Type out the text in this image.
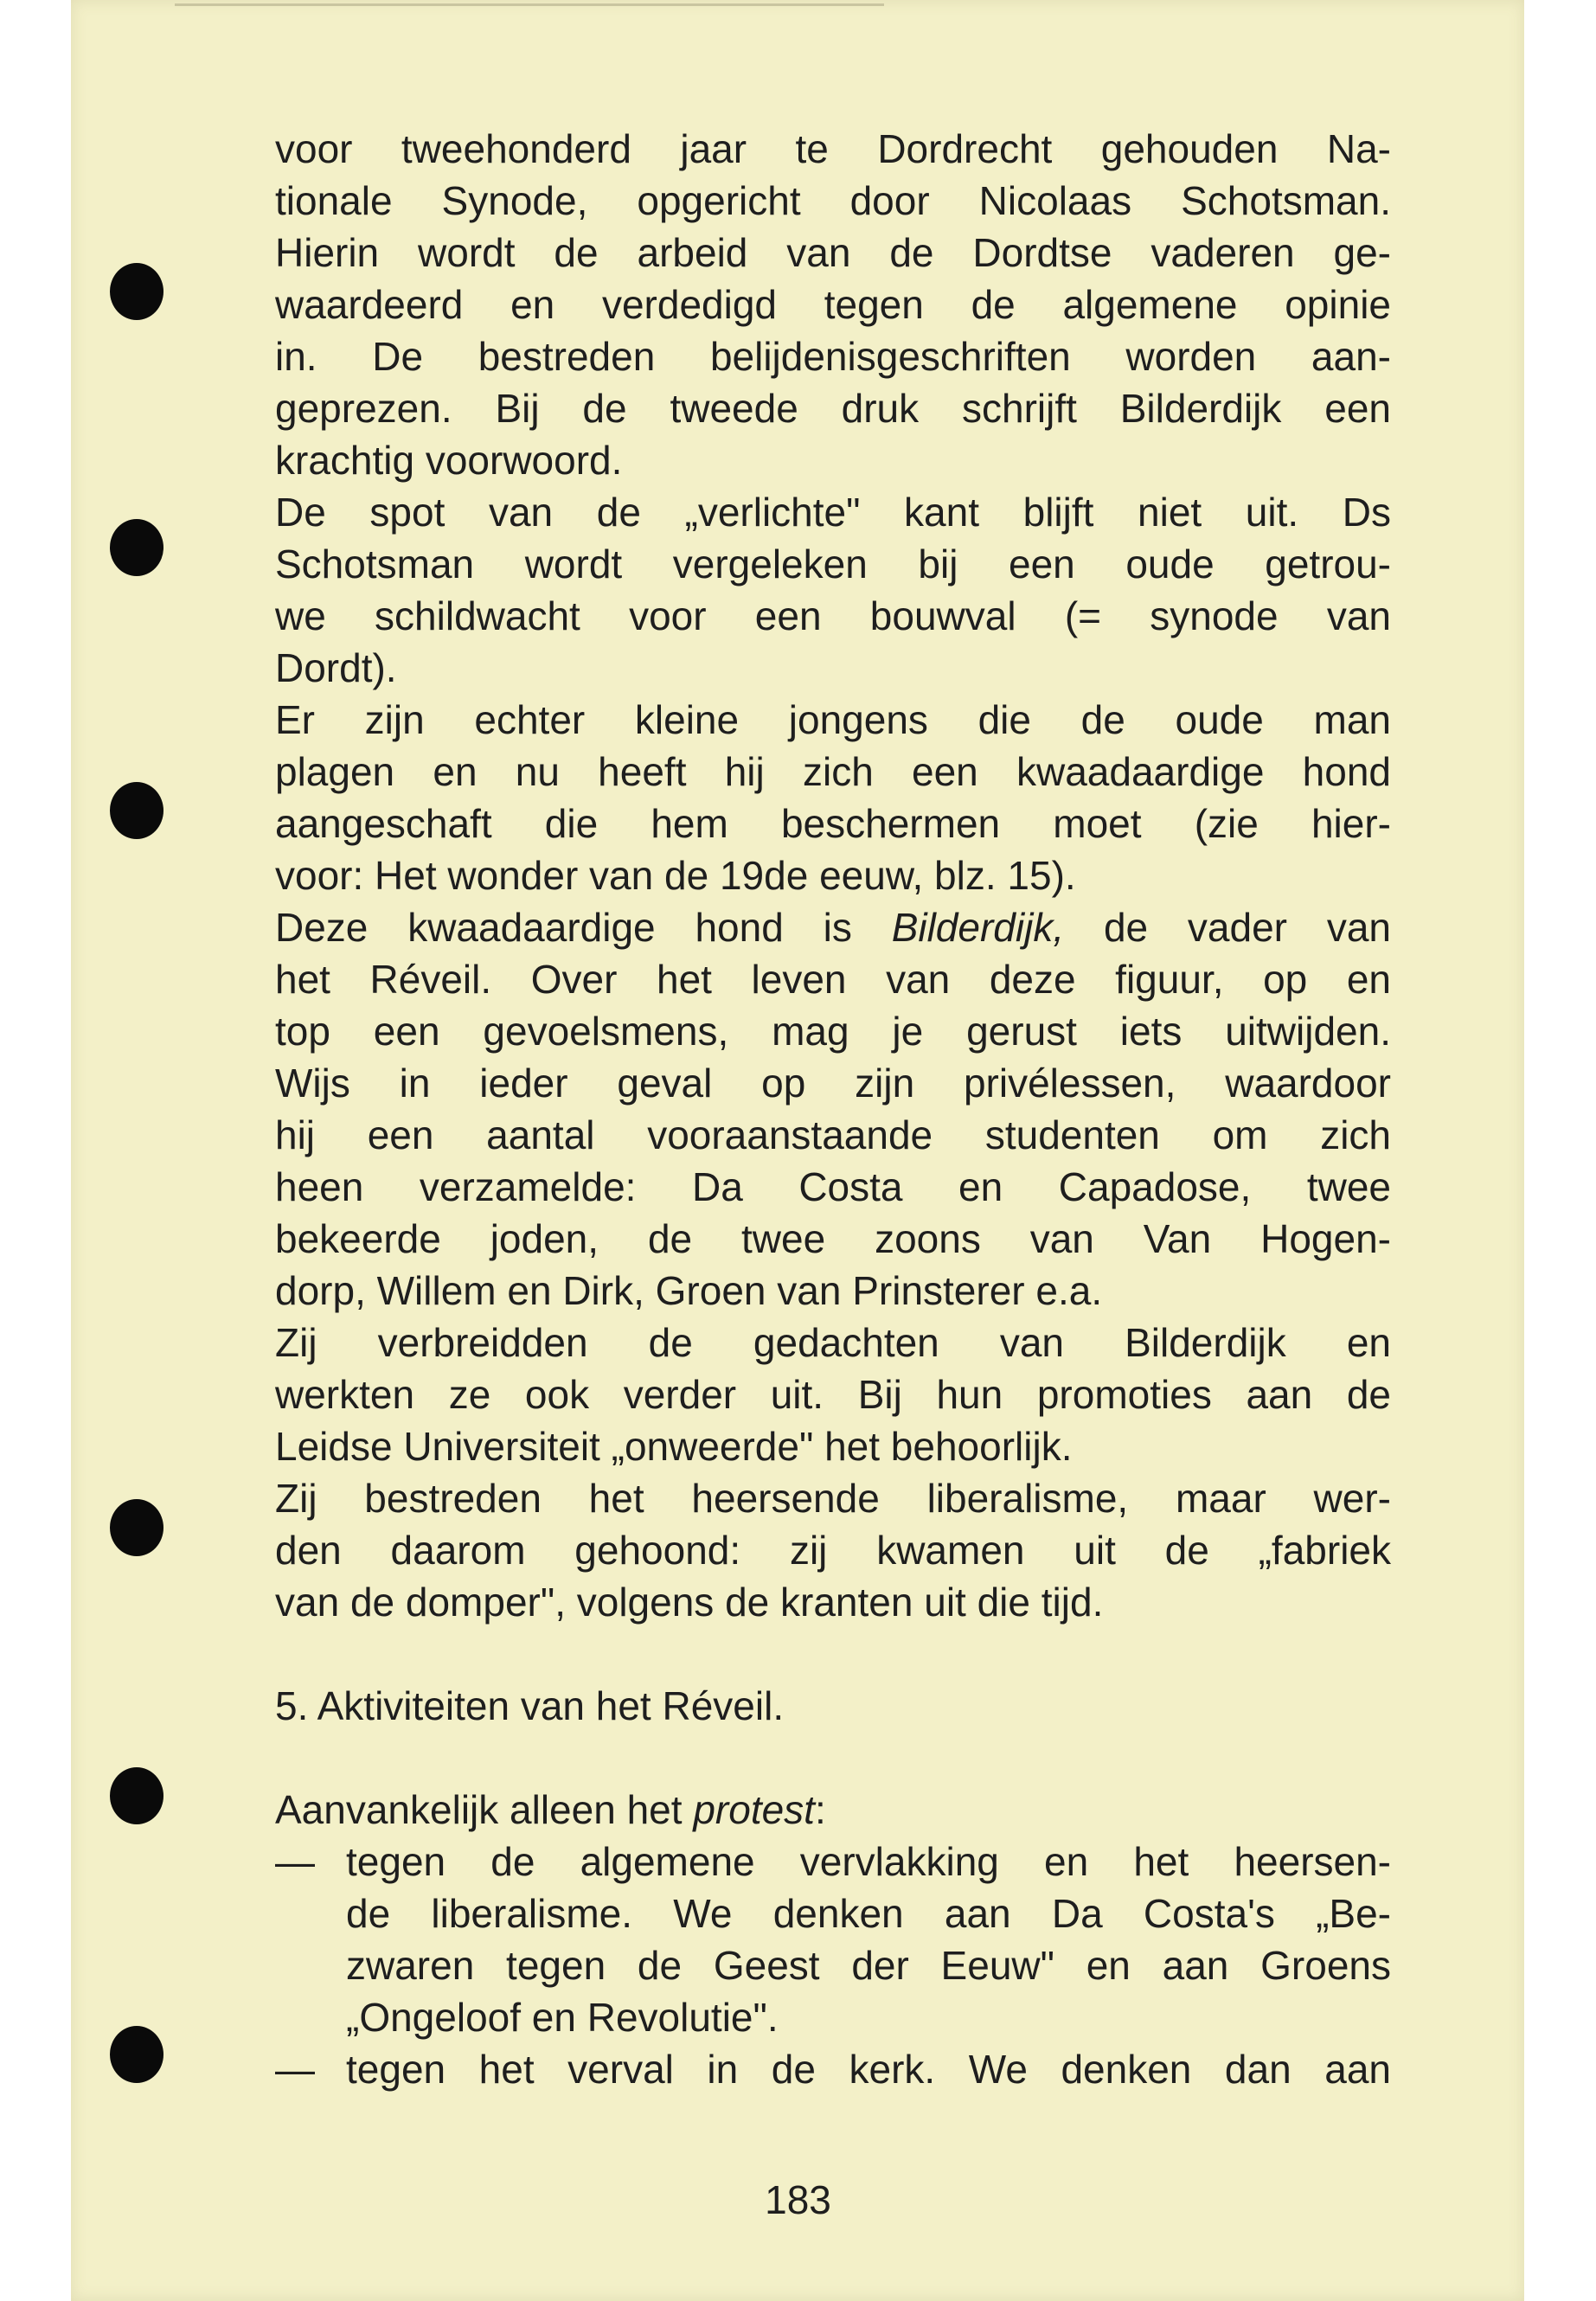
voor tweehonderd jaar te Dordrecht gehouden Na-
tionale Synode, opgericht door Nicolaas Schotsman.
Hierin wordt de arbeid van de Dordtse vaderen ge-
waardeerd en verdedigd tegen de algemene opinie
in. De bestreden belijdenisgeschriften worden aan-
geprezen. Bij de tweede druk schrijft Bilderdijk een
krachtig voorwoord.
De spot van de „verlichte" kant blijft niet uit. Ds
Schotsman wordt vergeleken bij een oude getrou-
we schildwacht voor een bouwval (= synode van
Dordt).
Er zijn echter kleine jongens die de oude man
plagen en nu heeft hij zich een kwaadaardige hond
aangeschaft die hem beschermen moet (zie hier-
voor: Het wonder van de 19de eeuw, blz. 15).
Deze kwaadaardige hond is Bilderdijk, de vader van
het Réveil. Over het leven van deze figuur, op en
top een gevoelsmens, mag je gerust iets uitwijden.
Wijs in ieder geval op zijn privélessen, waardoor
hij een aantal vooraanstaande studenten om zich
heen verzamelde: Da Costa en Capadose, twee
bekeerde joden, de twee zoons van Van Hogen-
dorp, Willem en Dirk, Groen van Prinsterer e.a.
Zij verbreidden de gedachten van Bilderdijk en
werkten ze ook verder uit. Bij hun promoties aan de
Leidse Universiteit „onweerde" het behoorlijk.
Zij bestreden het heersende liberalisme, maar wer-
den daarom gehoond: zij kwamen uit de „fabriek
van de domper", volgens de kranten uit die tijd.
5. Aktiviteiten van het Réveil.
Aanvankelijk alleen het protest:
— tegen de algemene vervlakking en het heersen-
de liberalisme. We denken aan Da Costa's „Be-
zwaren tegen de Geest der Eeuw" en aan Groens
„Ongeloof en Revolutie".
— tegen het verval in de kerk. We denken dan aan
183
